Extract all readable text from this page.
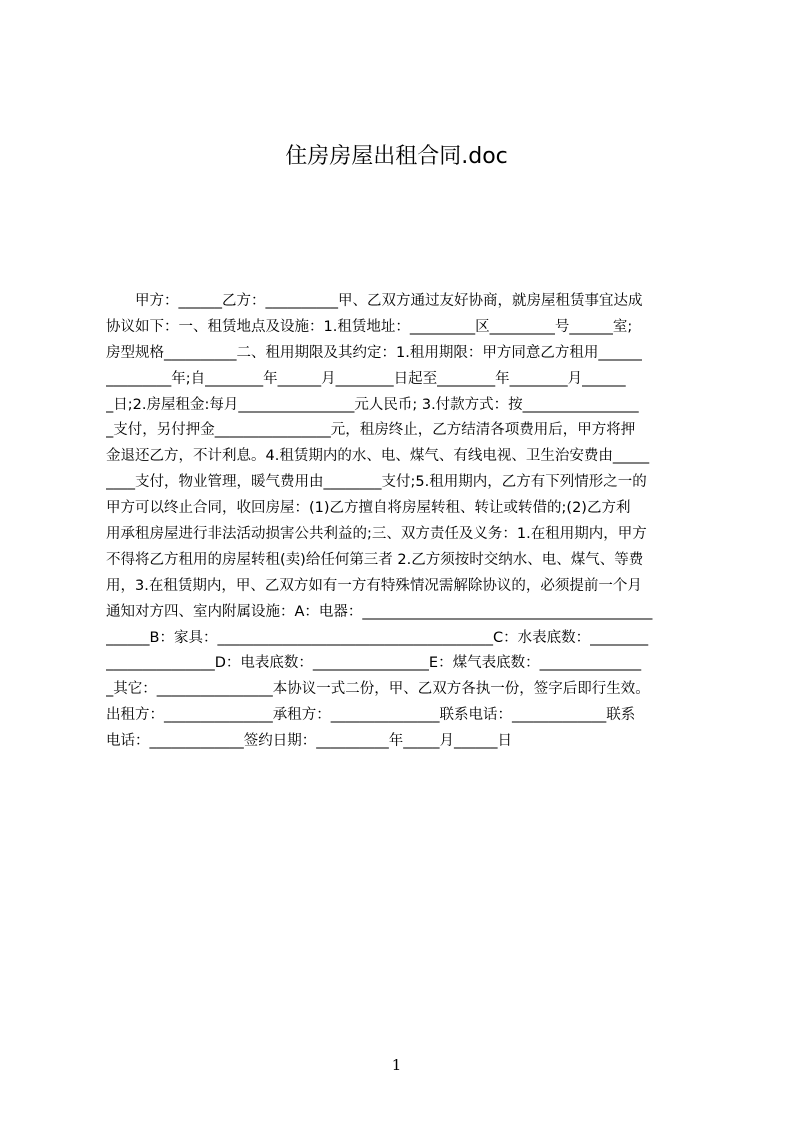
住房房屋出租合同.doc
　　甲方：______乙方：__________甲、乙双方通过友好协商，就房屋租赁事宜达成
协议如下：一、租赁地点及设施：1.租赁地址：_________区_________号______室;
房型规格__________二、租用期限及其约定：1.租用期限：甲方同意乙方租用______
_________年;自________年______月________日起至________年________月______
_日;2.房屋租金:每月________________元人民币; 3.付款方式：按________________
_支付，另付押金________________元，租房终止，乙方结清各项费用后，甲方将押
金退还乙方，不计利息。4.租赁期内的水、电、煤气、有线电视、卫生治安费由_____
____支付，物业管理，暖气费用由________支付;5.租用期内，乙方有下列情形之一的
甲方可以终止合同，收回房屋：(1)乙方擅自将房屋转租、转让或转借的;(2)乙方利
用承租房屋进行非法活动损害公共利益的;三、双方责任及义务：1.在租用期内，甲方
不得将乙方租用的房屋转租(卖)给任何第三者 2.乙方须按时交纳水、电、煤气、等费
用，3.在租赁期内，甲、乙双方如有一方有特殊情况需解除协议的，必须提前一个月
通知对方四、室内附属设施：A：电器：________________________________________
______B：家具：______________________________________C：水表底数：________
_______________D：电表底数：________________E：煤气表底数：______________
_其它：________________本协议一式二份，甲、乙双方各执一份，签字后即行生效。
出租方：_______________承租方：_______________联系电话：_____________联系
电话：_____________签约日期：__________年_____月______日
1
